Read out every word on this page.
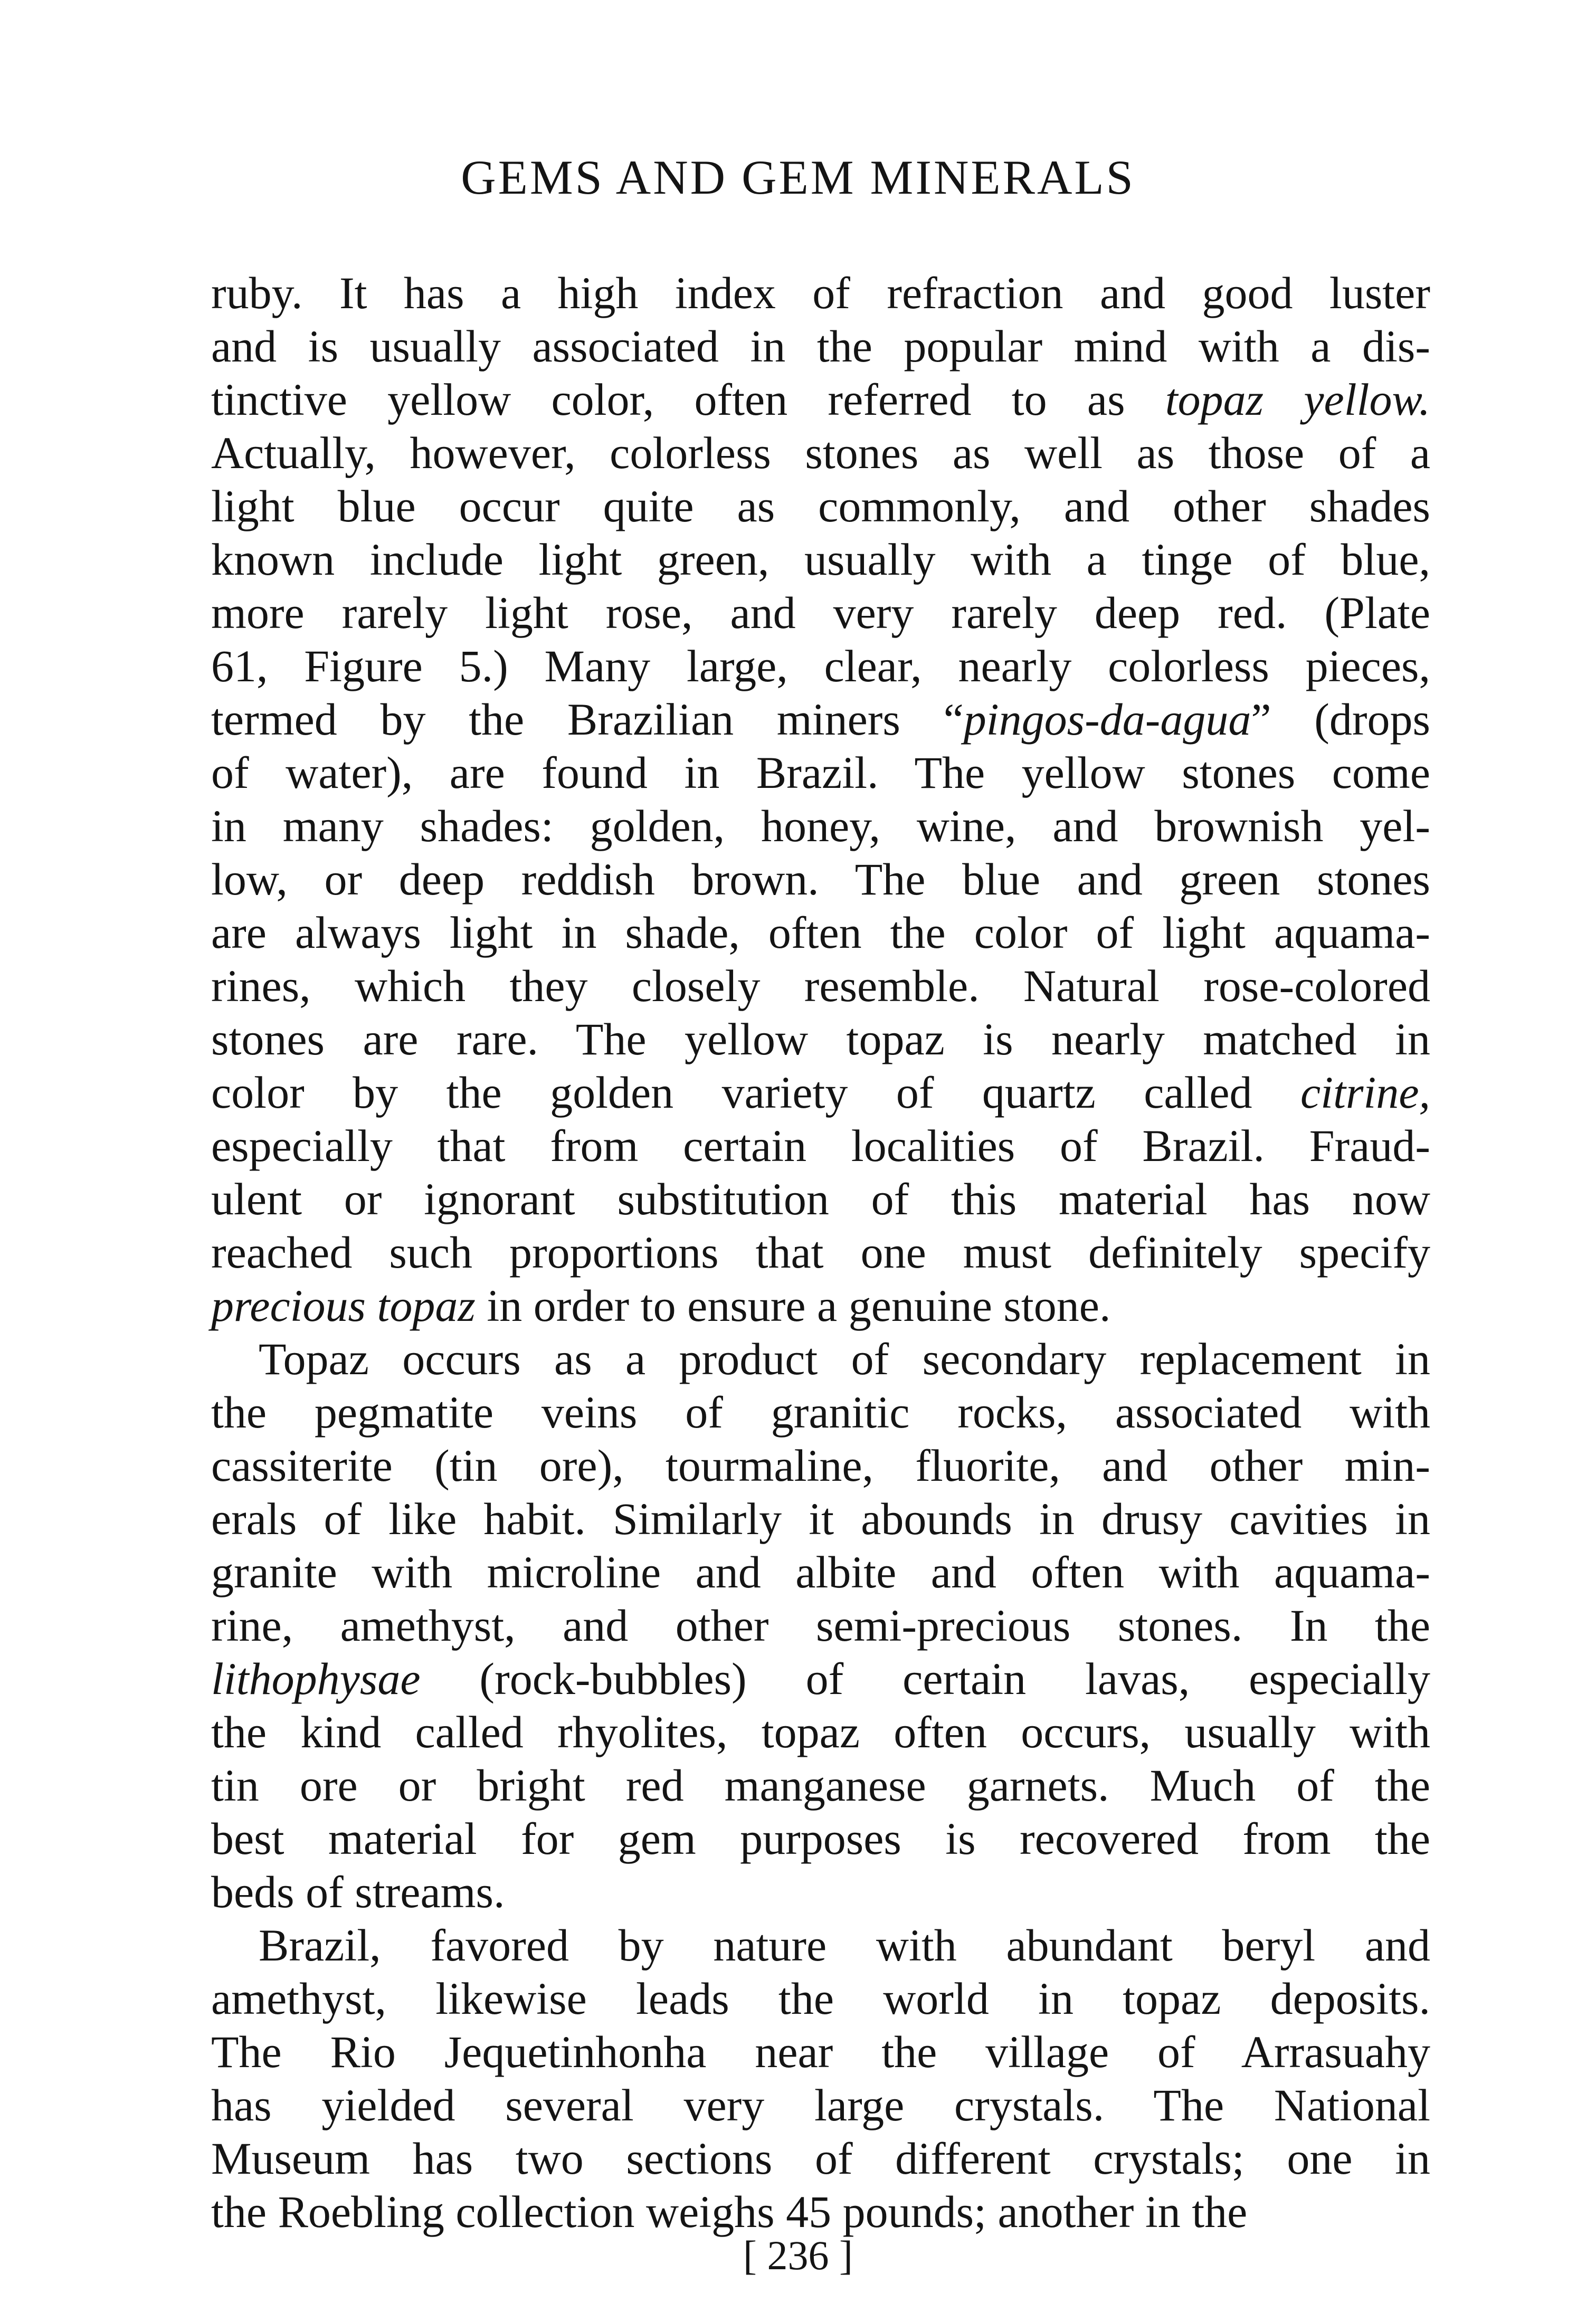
GEMS AND GEM MINERALS
ruby. It has a high index of refraction and good luster
and is usually associated in the popular mind with a dis-
tinctive yellow color, often referred to as topaz yellow.
Actually, however, colorless stones as well as those of a
light blue occur quite as commonly, and other shades
known include light green, usually with a tinge of blue,
more rarely light rose, and very rarely deep red. (Plate
61, Figure 5.) Many large, clear, nearly colorless pieces,
termed by the Brazilian miners “pingos-da-agua” (drops
of water), are found in Brazil. The yellow stones come
in many shades: golden, honey, wine, and brownish yel-
low, or deep reddish brown. The blue and green stones
are always light in shade, often the color of light aquama-
rines, which they closely resemble. Natural rose-colored
stones are rare. The yellow topaz is nearly matched in
color by the golden variety of quartz called citrine,
especially that from certain localities of Brazil. Fraud-
ulent or ignorant substitution of this material has now
reached such proportions that one must definitely specify
precious topaz in order to ensure a genuine stone.
Topaz occurs as a product of secondary replacement in
the pegmatite veins of granitic rocks, associated with
cassiterite (tin ore), tourmaline, fluorite, and other min-
erals of like habit. Similarly it abounds in drusy cavities in
granite with microline and albite and often with aquama-
rine, amethyst, and other semi-precious stones. In the
lithophysae (rock-bubbles) of certain lavas, especially
the kind called rhyolites, topaz often occurs, usually with
tin ore or bright red manganese garnets. Much of the
best material for gem purposes is recovered from the
beds of streams.
Brazil, favored by nature with abundant beryl and
amethyst, likewise leads the world in topaz deposits.
The Rio Jequetinhonha near the village of Arrasuahy
has yielded several very large crystals. The National
Museum has two sections of different crystals; one in
the Roebling collection weighs 45 pounds; another in the
[ 236 ]
